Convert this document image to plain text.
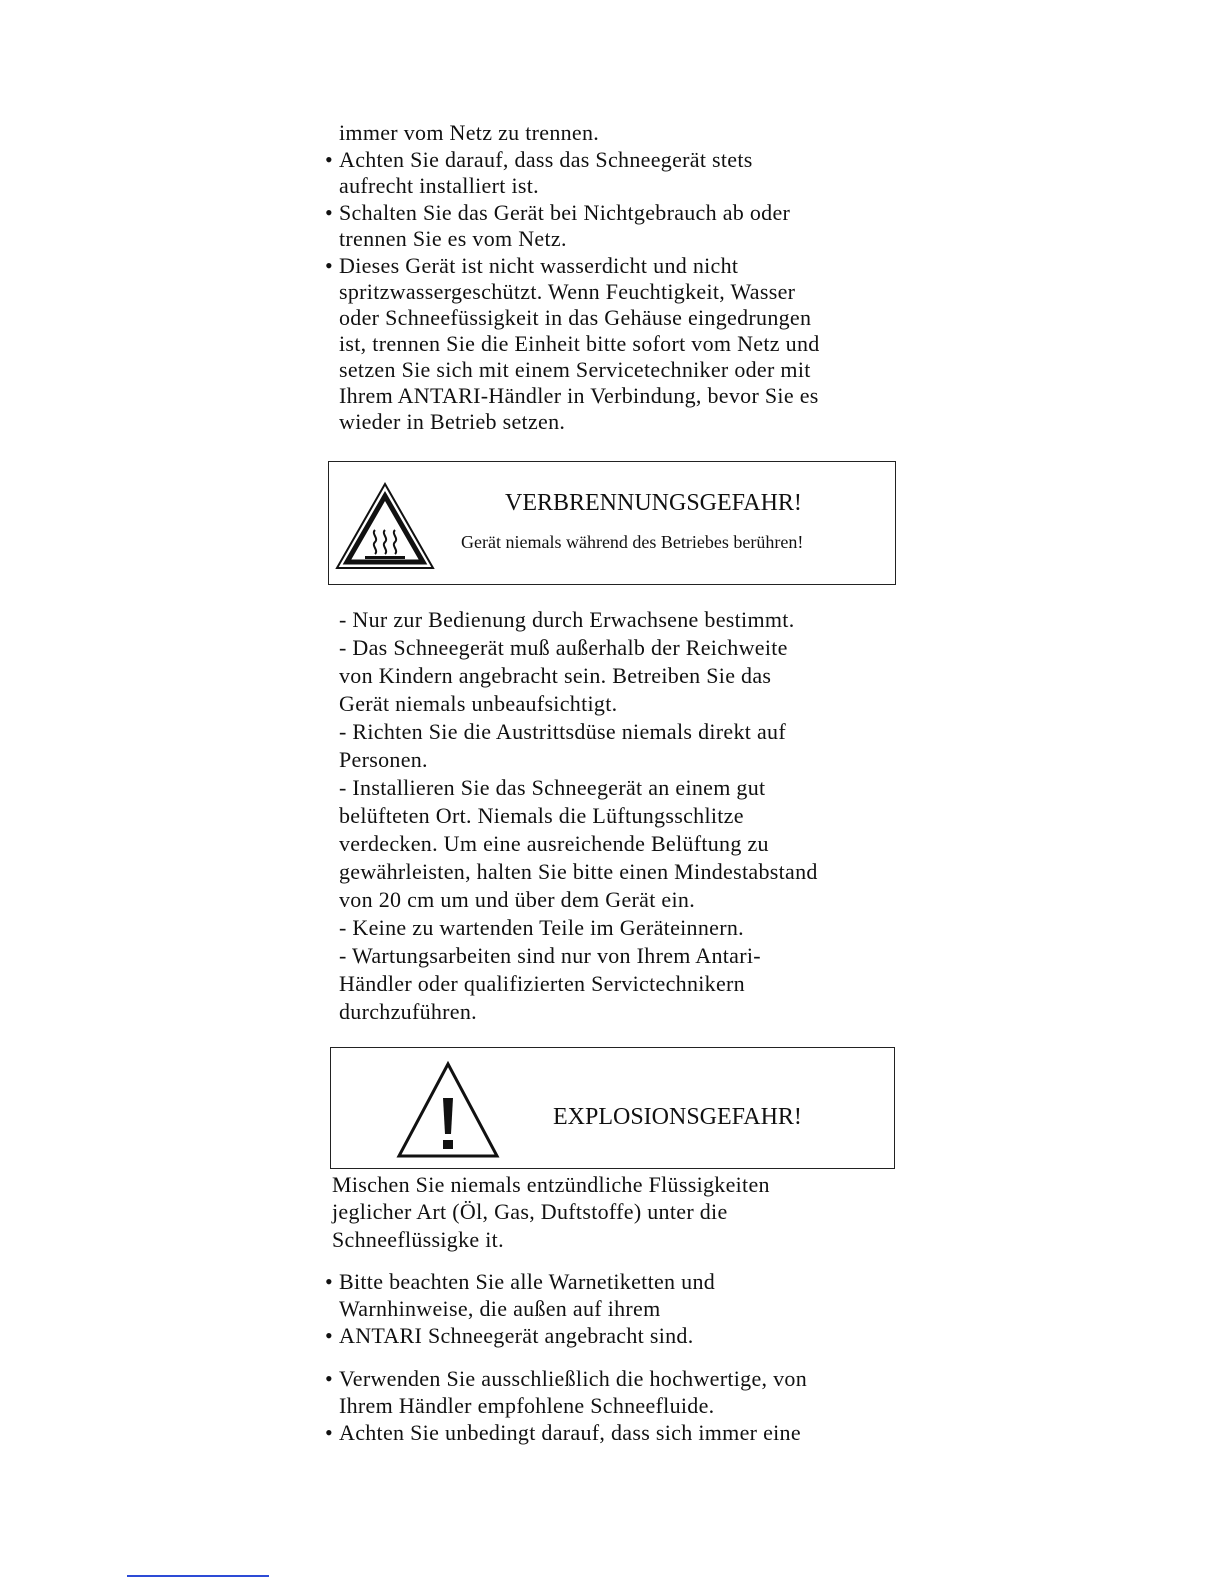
immer vom Netz zu trennen.
• Achten Sie darauf, dass das Schneegerät stets
aufrecht installiert ist.
• Schalten Sie das Gerät bei Nichtgebrauch ab oder
trennen Sie es vom Netz.
• Dieses Gerät ist nicht wasserdicht und nicht
spritzwassergeschützt. Wenn Feuchtigkeit, Wasser
oder Schneefüssigkeit in das Gehäuse eingedrungen
ist, trennen Sie die Einheit bitte sofort vom Netz und
setzen Sie sich mit einem Servicetechniker oder mit
Ihrem ANTARI-Händler in Verbindung, bevor Sie es
wieder in Betrieb setzen.
VERBRENNUNGSGEFAHR!
Gerät niemals während des Betriebes berühren!
- Nur zur Bedienung durch Erwachsene bestimmt.
- Das Schneegerät muß außerhalb der Reichweite
von Kindern angebracht sein. Betreiben Sie das
Gerät niemals unbeaufsichtigt.
- Richten Sie die Austrittsdüse niemals direkt auf
Personen.
- Installieren Sie das Schneegerät an einem gut
belüfteten Ort. Niemals die Lüftungsschlitze
verdecken. Um eine ausreichende Belüftung zu
gewährleisten, halten Sie bitte einen Mindestabstand
von 20 cm um und über dem Gerät ein.
- Keine zu wartenden Teile im Geräteinnern.
- Wartungsarbeiten sind nur von Ihrem Antari-
Händler oder qualifizierten Servictechnikern
durchzuführen.
EXPLOSIONSGEFAHR!
Mischen Sie niemals entzündliche Flüssigkeiten
jeglicher Art (Öl, Gas, Duftstoffe) unter die
Schneeflüssigke it.
• Bitte beachten Sie alle Warnetiketten und
Warnhinweise, die außen auf ihrem
• ANTARI Schneegerät angebracht sind.
• Verwenden Sie ausschließlich die hochwertige, von
Ihrem Händler empfohlene Schneefluide.
• Achten Sie unbedingt darauf, dass sich immer eine
